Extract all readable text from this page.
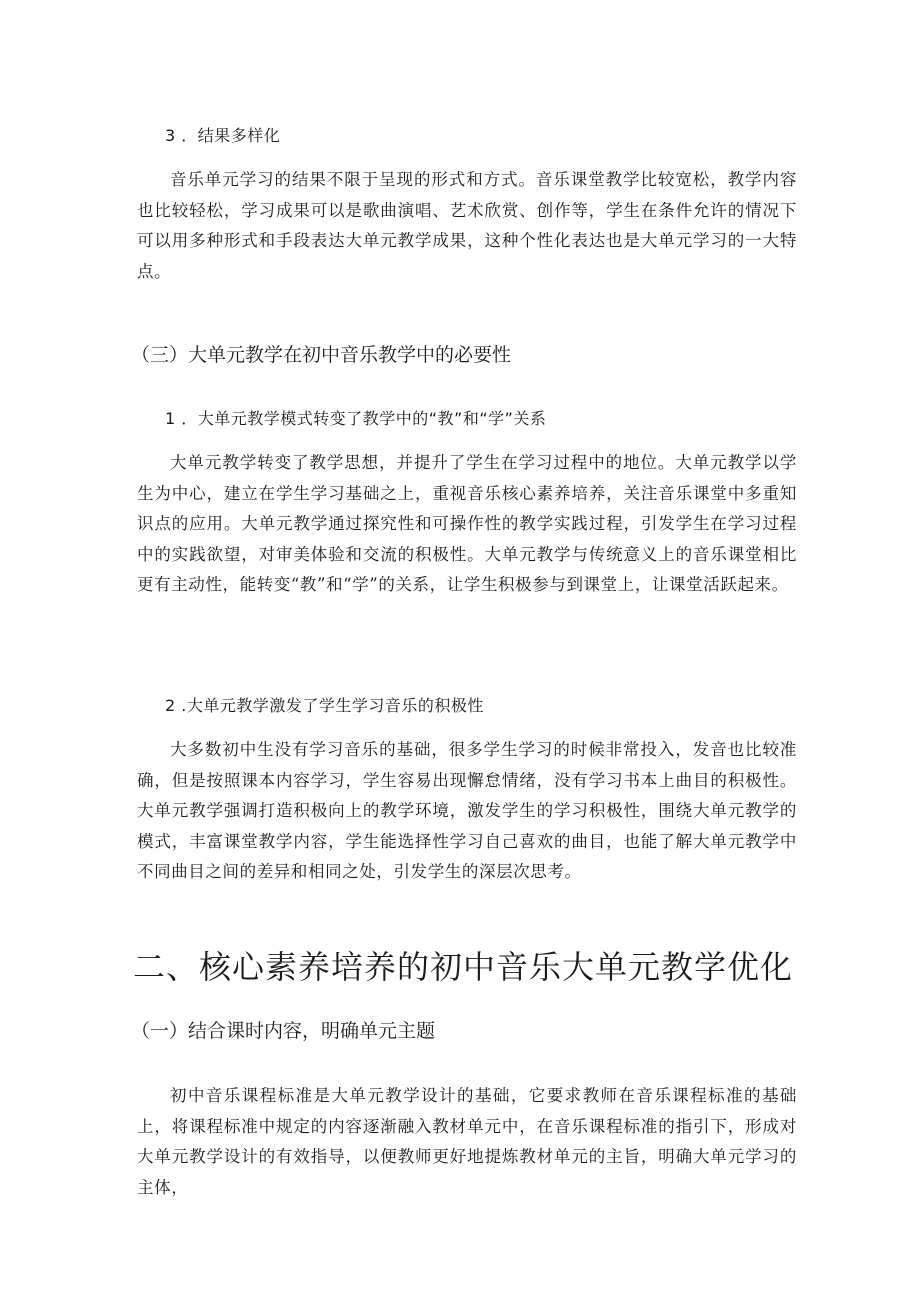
3 ．结果多样化
音乐单元学习的结果不限于呈现的形式和方式。音乐课堂教学比较宽松，教学内容也比较轻松，学习成果可以是歌曲演唱、艺术欣赏、创作等，学生在条件允许的情况下可以用多种形式和手段表达大单元教学成果，这种个性化表达也是大单元学习的一大特点。
（三）大单元教学在初中音乐教学中的必要性
1 ．大单元教学模式转变了教学中的“教”和“学”关系
大单元教学转变了教学思想，并提升了学生在学习过程中的地位。大单元教学以学生为中心，建立在学生学习基础之上，重视音乐核心素养培养，关注音乐课堂中多重知识点的应用。大单元教学通过探究性和可操作性的教学实践过程，引发学生在学习过程中的实践欲望，对审美体验和交流的积极性。大单元教学与传统意义上的音乐课堂相比更有主动性，能转变“教”和“学”的关系，让学生积极参与到课堂上，让课堂活跃起来。
2 .大单元教学激发了学生学习音乐的积极性
大多数初中生没有学习音乐的基础，很多学生学习的时候非常投入，发音也比较准确，但是按照课本内容学习，学生容易出现懈怠情绪，没有学习书本上曲目的积极性。大单元教学强调打造积极向上的教学环境，激发学生的学习积极性，围绕大单元教学的模式，丰富课堂教学内容，学生能选择性学习自己喜欢的曲目，也能了解大单元教学中不同曲目之间的差异和相同之处，引发学生的深层次思考。
二、核心素养培养的初中音乐大单元教学优化
（一）结合课时内容，明确单元主题
初中音乐课程标准是大单元教学设计的基础，它要求教师在音乐课程标准的基础上，将课程标准中规定的内容逐渐融入教材单元中，在音乐课程标准的指引下，形成对大单元教学设计的有效指导，以便教师更好地提炼教材单元的主旨，明确大单元学习的主体，
